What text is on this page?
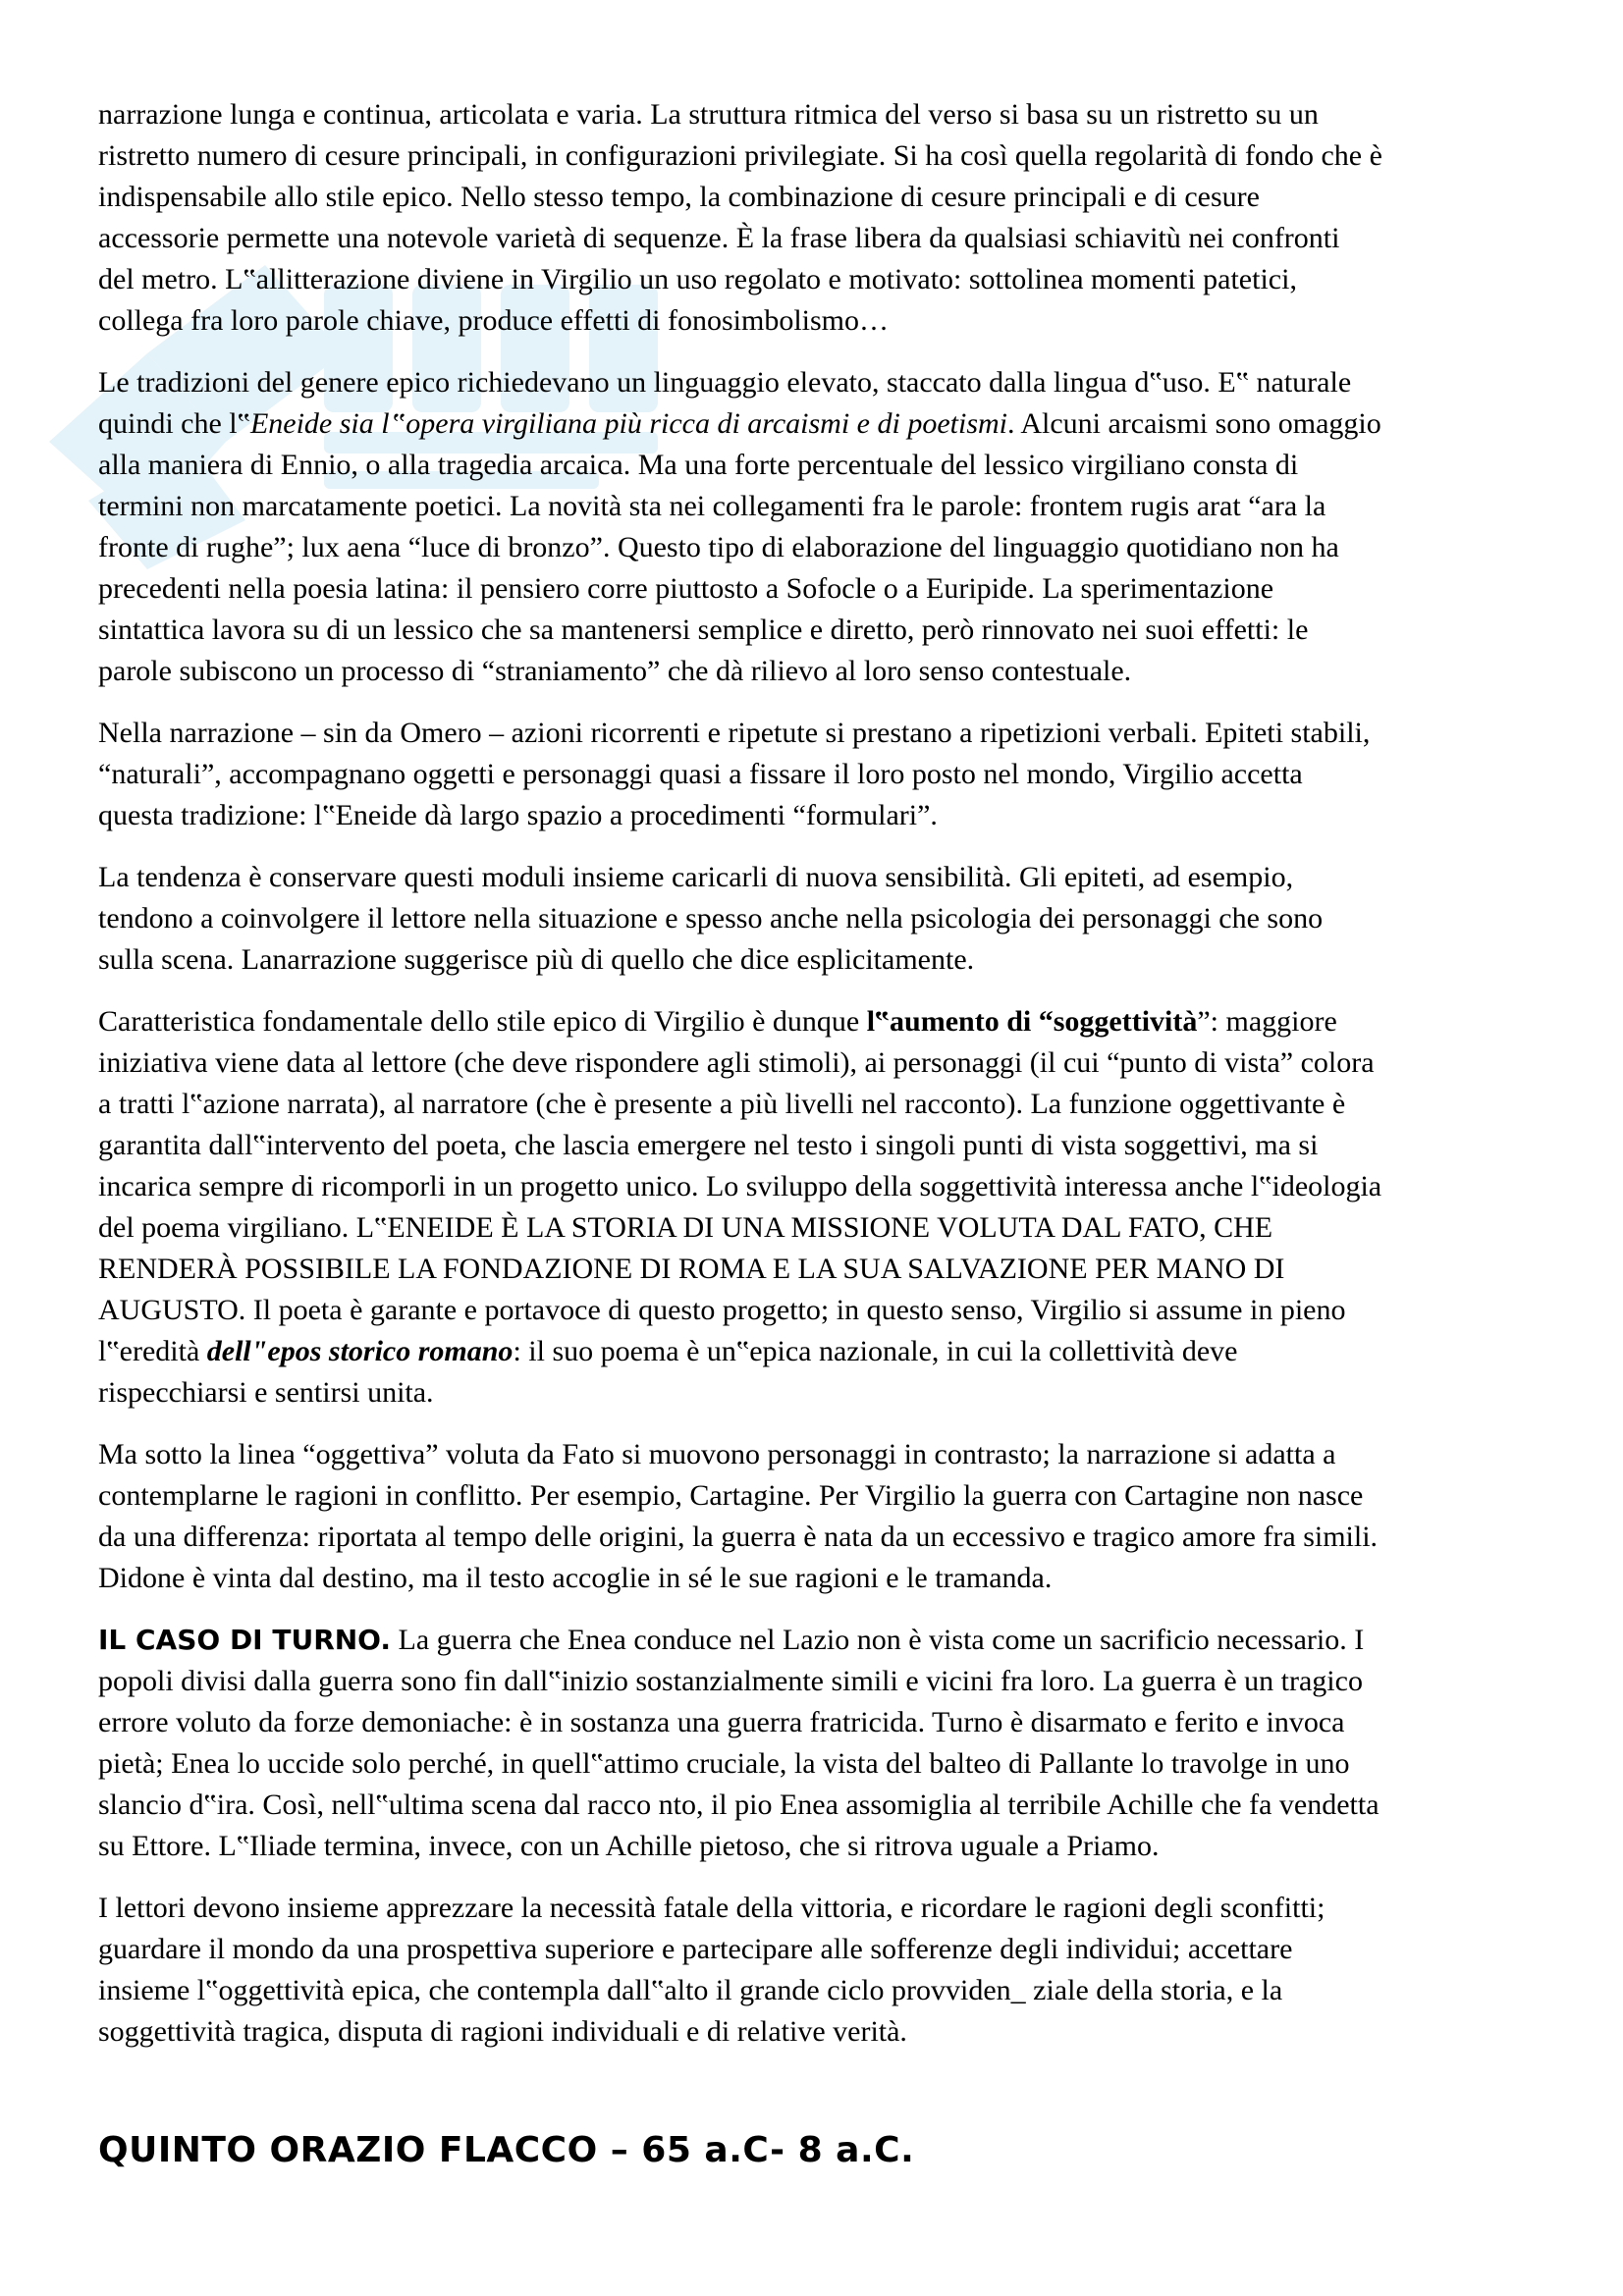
narrazione lunga e continua, articolata e varia. La struttura ritmica del verso si basa su un ristretto su un
ristretto numero di cesure principali, in configurazioni privilegiate. Si ha così quella regolarità di fondo che è
indispensabile allo stile epico. Nello stesso tempo, la combinazione di cesure principali e di cesure
accessorie permette una notevole varietà di sequenze. È la frase libera da qualsiasi schiavitù nei confronti
del metro. L‟allitterazione diviene in Virgilio un uso regolato e motivato: sottolinea momenti patetici,
collega fra loro parole chiave, produce effetti di fonosimbolismo…

Le tradizioni del genere epico richiedevano un linguaggio elevato, staccato dalla lingua d‟uso. E‟ naturale
quindi che l‟Eneide sia l‟opera virgiliana più ricca di arcaismi e di poetismi. Alcuni arcaismi sono omaggio
alla maniera di Ennio, o alla tragedia arcaica. Ma una forte percentuale del lessico virgiliano consta di
termini non marcatamente poetici. La novità sta nei collegamenti fra le parole: frontem rugis arat “ara la
fronte di rughe”; lux aena “luce di bronzo”. Questo tipo di elaborazione del linguaggio quotidiano non ha
precedenti nella poesia latina: il pensiero corre piuttosto a Sofocle o a Euripide. La sperimentazione
sintattica lavora su di un lessico che sa mantenersi semplice e diretto, però rinnovato nei suoi effetti: le
parole subiscono un processo di “straniamento” che dà rilievo al loro senso contestuale.

Nella narrazione – sin da Omero – azioni ricorrenti e ripetute si prestano a ripetizioni verbali. Epiteti stabili,
“naturali”, accompagnano oggetti e personaggi quasi a fissare il loro posto nel mondo, Virgilio accetta
questa tradizione: l‟Eneide dà largo spazio a procedimenti “formulari”.

La tendenza è conservare questi moduli insieme caricarli di nuova sensibilità. Gli epiteti, ad esempio,
tendono a coinvolgere il lettore nella situazione e spesso anche nella psicologia dei personaggi che sono
sulla scena. Lanarrazione suggerisce più di quello che dice esplicitamente.

Caratteristica fondamentale dello stile epico di Virgilio è dunque l‟aumento di “soggettività”: maggiore
iniziativa viene data al lettore (che deve rispondere agli stimoli), ai personaggi (il cui “punto di vista” colora
a tratti l‟azione narrata), al narratore (che è presente a più livelli nel racconto). La funzione oggettivante è
garantita dall‟intervento del poeta, che lascia emergere nel testo i singoli punti di vista soggettivi, ma si
incarica sempre di ricomporli in un progetto unico. Lo sviluppo della soggettività interessa anche l‟ideologia
del poema virgiliano. L‟ENEIDE È LA STORIA DI UNA MISSIONE VOLUTA DAL FATO, CHE
RENDERÀ POSSIBILE LA FONDAZIONE DI ROMA E LA SUA SALVAZIONE PER MANO DI
AUGUSTO. Il poeta è garante e portavoce di questo progetto; in questo senso, Virgilio si assume in pieno
l‟eredità dell"epos storico romano: il suo poema è un‟epica nazionale, in cui la collettività deve
rispecchiarsi e sentirsi unita.

Ma sotto la linea “oggettiva” voluta da Fato si muovono personaggi in contrasto; la narrazione si adatta a
contemplarne le ragioni in conflitto. Per esempio, Cartagine. Per Virgilio la guerra con Cartagine non nasce
da una differenza: riportata al tempo delle origini, la guerra è nata da un eccessivo e tragico amore fra simili.
Didone è vinta dal destino, ma il testo accoglie in sé le sue ragioni e le tramanda.

IL CASO DI TURNO. La guerra che Enea conduce nel Lazio non è vista come un sacrificio necessario. I
popoli divisi dalla guerra sono fin dall‟inizio sostanzialmente simili e vicini fra loro. La guerra è un tragico
errore voluto da forze demoniache: è in sostanza una guerra fratricida. Turno è disarmato e ferito e invoca
pietà; Enea lo uccide solo perché, in quell‟attimo cruciale, la vista del balteo di Pallante lo travolge in uno
slancio d‟ira. Così, nell‟ultima scena dal racco nto, il pio Enea assomiglia al terribile Achille che fa vendetta
su Ettore. L‟Iliade termina, invece, con un Achille pietoso, che si ritrova uguale a Priamo.

I lettori devono insieme apprezzare la necessità fatale della vittoria, e ricordare le ragioni degli sconfitti;
guardare il mondo da una prospettiva superiore e partecipare alle sofferenze degli individui; accettare
insieme l‟oggettività epica, che contempla dall‟alto il grande ciclo provviden_ ziale della storia, e la
soggettività tragica, disputa di ragioni individuali e di relative verità.

QUINTO ORAZIO FLACCO – 65 a.C- 8 a.C.
